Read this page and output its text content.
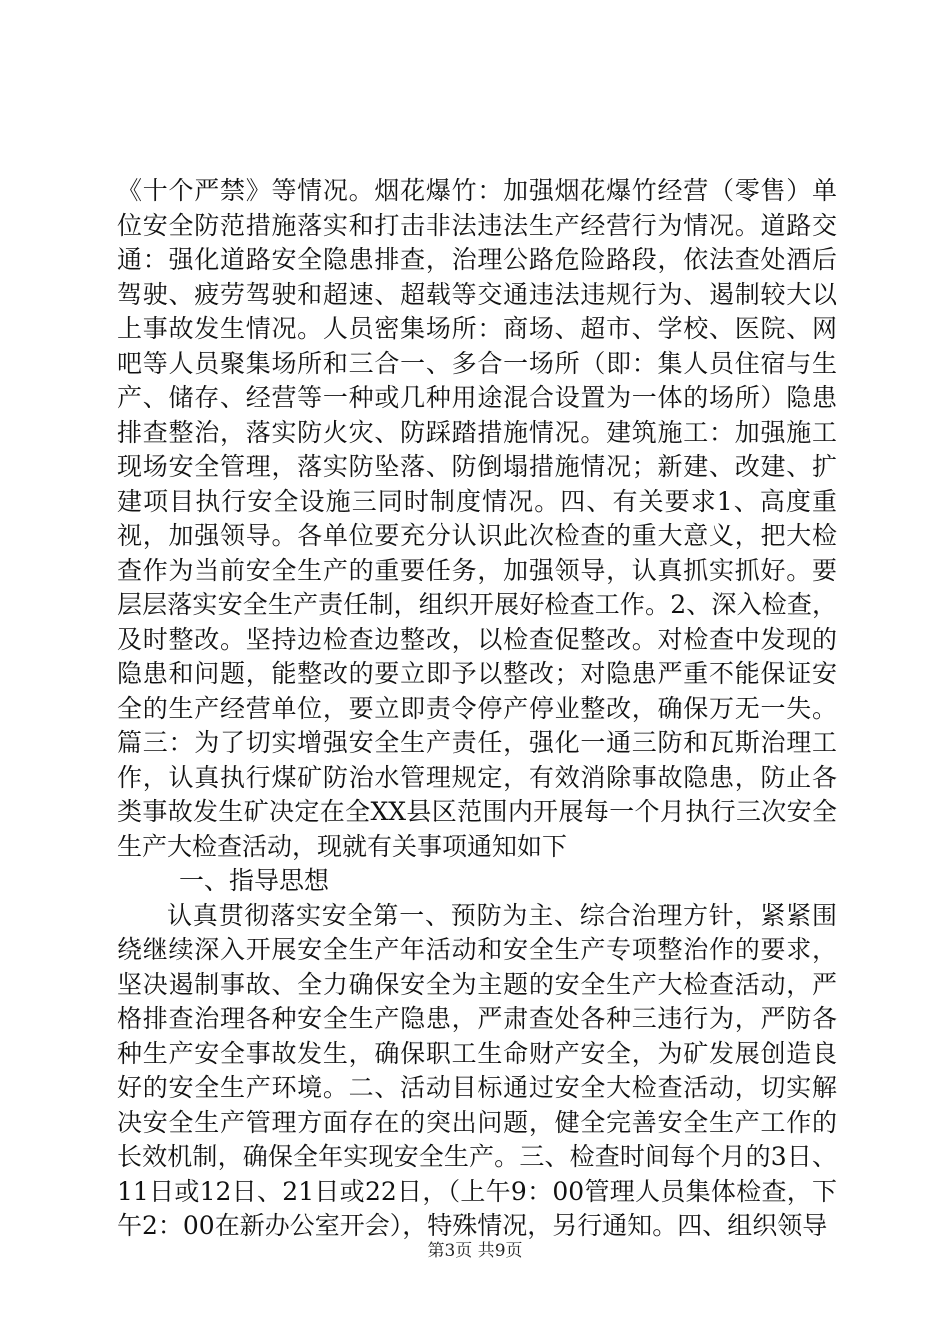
《十个严禁》等情况。烟花爆竹：加强烟花爆竹经营（零售）单位安全防范措施落实和打击非法违法生产经营行为情况。道路交通：强化道路安全隐患排查，治理公路危险路段，依法查处酒后驾驶、疲劳驾驶和超速、超载等交通违法违规行为、遏制较大以上事故发生情况。人员密集场所：商场、超市、学校、医院、网吧等人员聚集场所和三合一、多合一场所（即：集人员住宿与生产、储存、经营等一种或几种用途混合设置为一体的场所）隐患排查整治，落实防火灾、防踩踏措施情况。建筑施工：加强施工现场安全管理，落实防坠落、防倒塌措施情况；新建、改建、扩建项目执行安全设施三同时制度情况。四、有关要求1、高度重视，加强领导。各单位要充分认识此次检查的重大意义，把大检查作为当前安全生产的重要任务，加强领导，认真抓实抓好。要层层落实安全生产责任制，组织开展好检查工作。2、深入检查，及时整改。坚持边检查边整改，以检查促整改。对检查中发现的隐患和问题，能整改的要立即予以整改；对隐患严重不能保证安全的生产经营单位，要立即责令停产停业整改，确保万无一失。篇三：为了切实增强安全生产责任，强化一通三防和瓦斯治理工作，认真执行煤矿防治水管理规定，有效消除事故隐患，防止各类事故发生矿决定在全XX县区范围内开展每一个月执行三次安全生产大检查活动，现就有关事项通知如下

一、指导思想

认真贯彻落实安全第一、预防为主、综合治理方针，紧紧围绕继续深入开展安全生产年活动和安全生产专项整治作的要求，坚决遏制事故、全力确保安全为主题的安全生产大检查活动，严格排查治理各种安全生产隐患，严肃查处各种三违行为，严防各种生产安全事故发生，确保职工生命财产安全，为矿发展创造良好的安全生产环境。二、活动目标通过安全大检查活动，切实解决安全生产管理方面存在的突出问题，健全完善安全生产工作的长效机制，确保全年实现安全生产。三、检查时间每个月的3日、11日或12日、21日或22日，（上午9：00管理人员集体检查，下午2：00在新办公室开会），特殊情况，另行通知。四、组织领导

第3页 共9页
